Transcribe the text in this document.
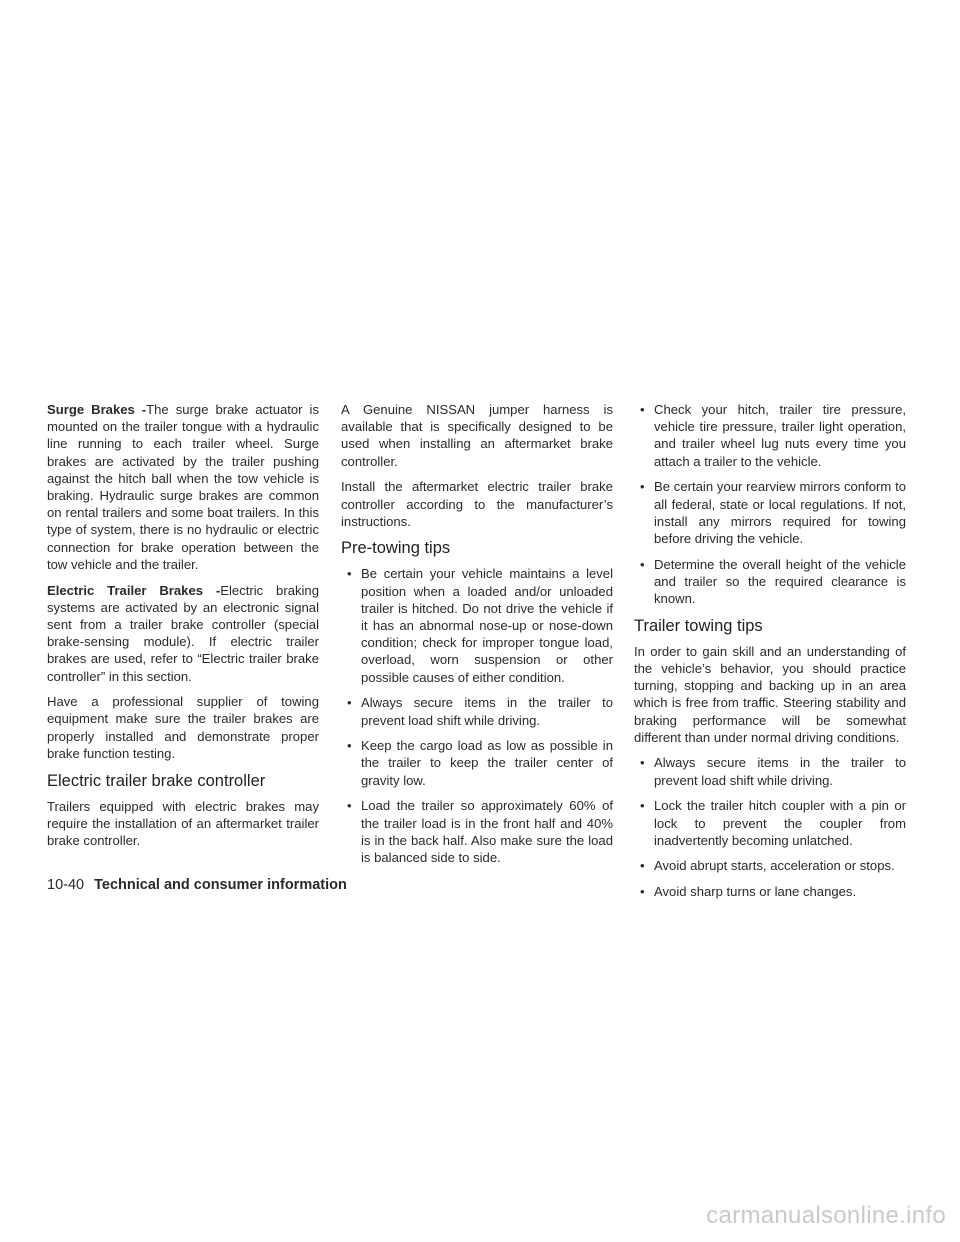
Surge Brakes -The surge brake actuator is mounted on the trailer tongue with a hydraulic line running to each trailer wheel. Surge brakes are activated by the trailer pushing against the hitch ball when the tow vehicle is braking. Hydraulic surge brakes are common on rental trailers and some boat trailers. In this type of system, there is no hydraulic or electric connection for brake operation between the tow vehicle and the trailer.

Electric Trailer Brakes -Electric braking systems are activated by an electronic signal sent from a trailer brake controller (special brake-sensing module). If electric trailer brakes are used, refer to “Electric trailer brake controller” in this section.

Have a professional supplier of towing equipment make sure the trailer brakes are properly installed and demonstrate proper brake function testing.

Electric trailer brake controller

Trailers equipped with electric brakes may require the installation of an aftermarket trailer brake controller.

A Genuine NISSAN jumper harness is available that is specifically designed to be used when installing an aftermarket brake controller.

Install the aftermarket electric trailer brake controller according to the manufacturer’s instructions.

Pre-towing tips
• Be certain your vehicle maintains a level position when a loaded and/or unloaded trailer is hitched. Do not drive the vehicle if it has an abnormal nose-up or nose-down condition; check for improper tongue load, overload, worn suspension or other possible causes of either condition.
• Always secure items in the trailer to prevent load shift while driving.
• Keep the cargo load as low as possible in the trailer to keep the trailer center of gravity low.
• Load the trailer so approximately 60% of the trailer load is in the front half and 40% is in the back half. Also make sure the load is balanced side to side.
• Check your hitch, trailer tire pressure, vehicle tire pressure, trailer light operation, and trailer wheel lug nuts every time you attach a trailer to the vehicle.
• Be certain your rearview mirrors conform to all federal, state or local regulations. If not, install any mirrors required for towing before driving the vehicle.
• Determine the overall height of the vehicle and trailer so the required clearance is known.
Trailer towing tips

In order to gain skill and an understanding of the vehicle’s behavior, you should practice turning, stopping and backing up in an area which is free from traffic. Steering stability and braking performance will be somewhat different than under normal driving conditions.

• Always secure items in the trailer to prevent load shift while driving.
• Lock the trailer hitch coupler with a pin or lock to prevent the coupler from inadvertently becoming unlatched.
• Avoid abrupt starts, acceleration or stops.
• Avoid sharp turns or lane changes.
10-40 Technical and consumer information
carmanualsonline.info
